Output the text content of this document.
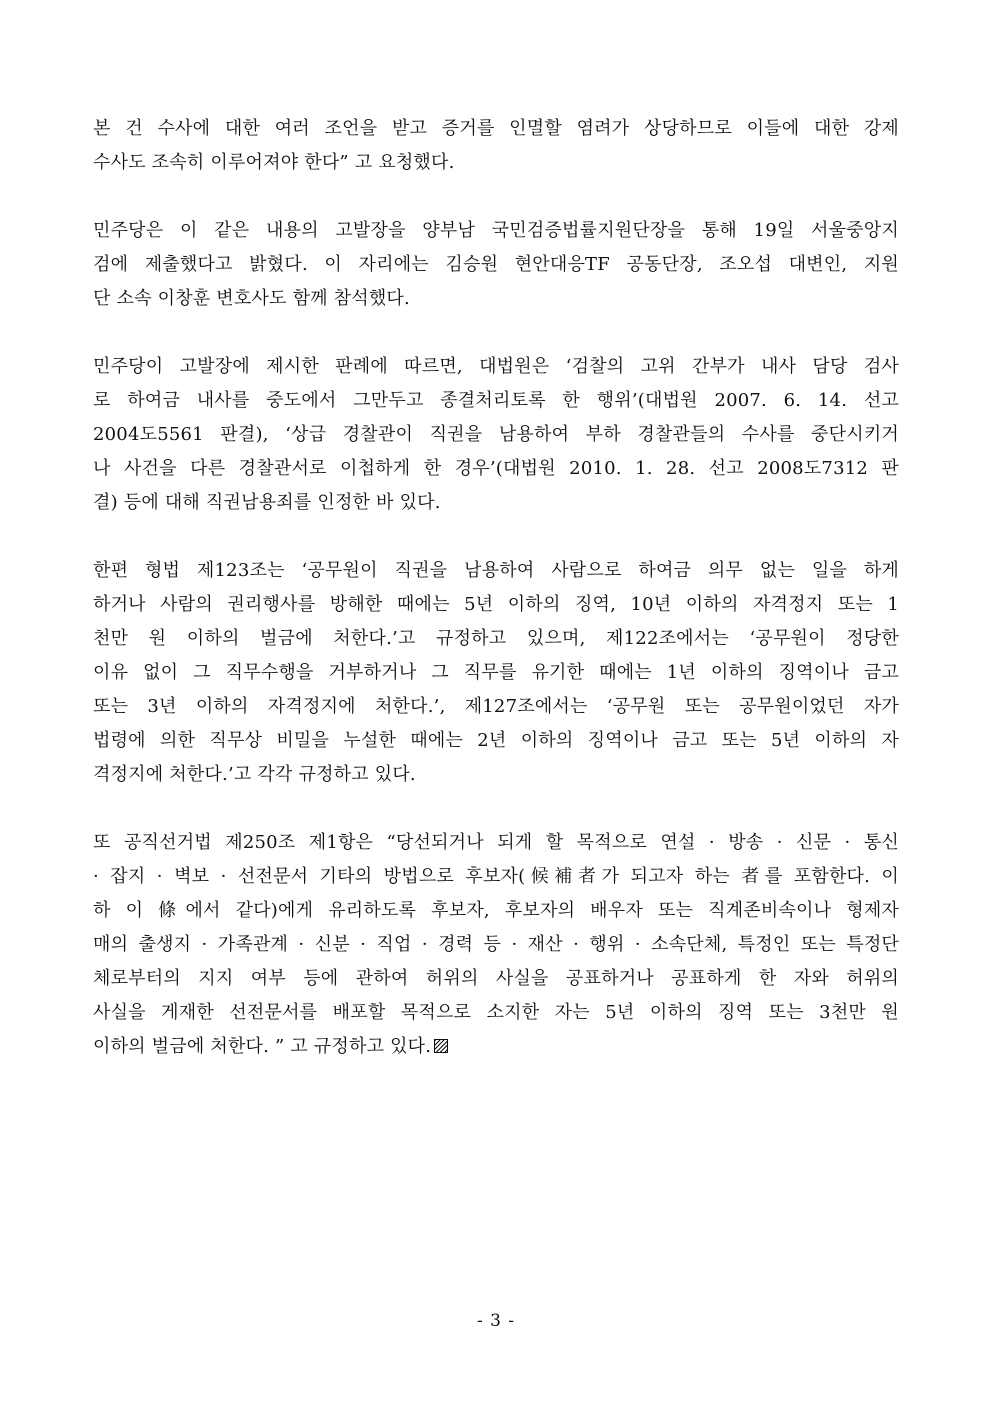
본 건 수사에 대한 여러 조언을 받고 증거를 인멸할 염려가 상당하므로 이들에 대한 강제
수사도 조속히 이루어져야 한다” 고 요청했다.
민주당은 이 같은 내용의 고발장을 양부남 국민검증법률지원단장을 통해 19일 서울중앙지
검에 제출했다고 밝혔다. 이 자리에는 김승원 현안대응TF 공동단장, 조오섭 대변인, 지원
단 소속 이창훈 변호사도 함께 참석했다.
민주당이 고발장에 제시한 판례에 따르면, 대법원은 ‘검찰의 고위 간부가 내사 담당 검사
로 하여금 내사를 중도에서 그만두고 종결처리토록 한 행위’(대법원 2007. 6. 14. 선고
2004도5561 판결), ‘상급 경찰관이 직권을 남용하여 부하 경찰관들의 수사를 중단시키거
나 사건을 다른 경찰관서로 이첩하게 한 경우’(대법원 2010. 1. 28. 선고 2008도7312 판
결) 등에 대해 직권남용죄를 인정한 바 있다.
한편 형법 제123조는 ‘공무원이 직권을 남용하여 사람으로 하여금 의무 없는 일을 하게
하거나 사람의 권리행사를 방해한 때에는 5년 이하의 징역, 10년 이하의 자격정지 또는 1
천만 원 이하의 벌금에 처한다.’고 규정하고 있으며, 제122조에서는 ‘공무원이 정당한
이유 없이 그 직무수행을 거부하거나 그 직무를 유기한 때에는 1년 이하의 징역이나 금고
또는 3년 이하의 자격정지에 처한다.’, 제127조에서는 ‘공무원 또는 공무원이었던 자가
법령에 의한 직무상 비밀을 누설한 때에는 2년 이하의 징역이나 금고 또는 5년 이하의 자
격정지에 처한다.’고 각각 규정하고 있다.
또 공직선거법 제250조 제1항은 “당선되거나 되게 할 목적으로 연설 · 방송 · 신문 · 통신
· 잡지 · 벽보 · 선전문서 기타의 방법으로 후보자(候補者가 되고자 하는 者를 포함한다. 이
하 이 條에서 같다)에게 유리하도록 후보자, 후보자의 배우자 또는 직계존비속이나 형제자
매의 출생지 · 가족관계 · 신분 · 직업 · 경력 등 · 재산 · 행위 · 소속단체, 특정인 또는 특정단
체로부터의 지지 여부 등에 관하여 허위의 사실을 공표하거나 공표하게 한 자와 허위의
사실을 게재한 선전문서를 배포할 목적으로 소지한 자는 5년 이하의 징역 또는 3천만 원
이하의 벌금에 처한다. ” 고 규정하고 있다.
- 3 -
